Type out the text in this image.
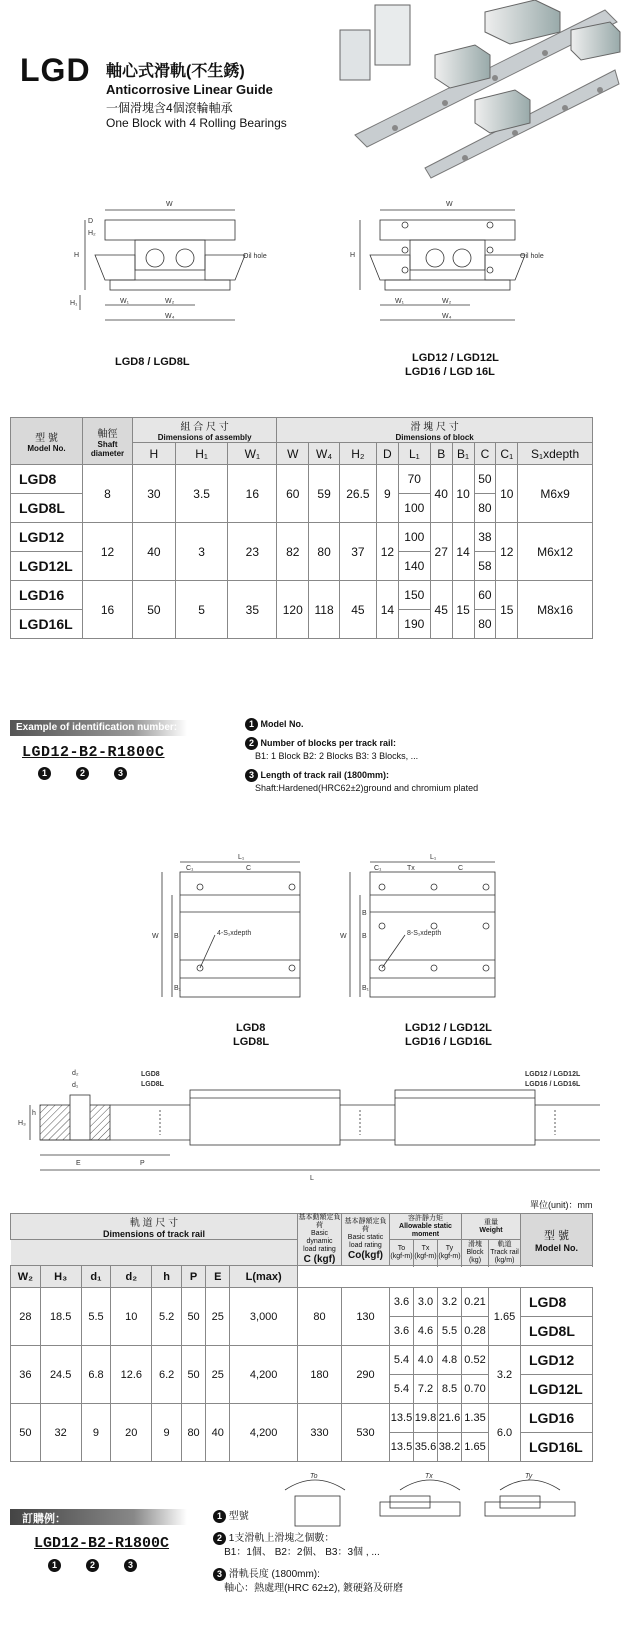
LGD 軸心式滑軌(不生銹)
Anticorrosive Linear Guide
一個滑塊含4個滾輪軸承
One Block with 4 Rolling Bearings
W
Oil hole	Oil hole
W
H	H
H₁	W₁	W₂
W₄
W₁	W₂
W₄
H₂
D
LGD8 / LGD8L	LGD12 / LGD12L
LGD16 / LGD 16L
型 號
Model No.	軸徑
Shaft
diameter	組 合 尺 寸
Dimensions of assembly			滑 塊 尺 寸
Dimensions of block									

		H	H₁	W₁	W	W₄	H₂	D	L₁	B	B₁	C	C₁	S₁xdepth
LGD8	8	30	3.5	16	60	59	26.5	9	70	40	10	50	10	M6x9
LGD8L									100			80		
LGD12	12	40	3	23	82	80	37	12	100	27	14	38	12	M6x12
LGD12L									140			58		
LGD16	16	50	5	35	120	118	45	14	150	45	15	60	15	M8x16
LGD16L									190			80		
Example of identification number:
LGD12-B2-R1800C
1	2	3
1 Model No.
2 Number of blocks per track rail:
B1: 1 Block B2: 2 Blocks B3: 3 Blocks, ...
3 Length of track rail (1800mm):
Shaft:Hardened(HRC62±2)ground and chromium plated
L₁	L₁
C₁	C	C₁	Tx	C
4-S₁xdepth	8-S₁xdepth
W	W
B	B
B
B₁	B₁
LGD8
LGD8L
LGD12 / LGD12L
LGD16 / LGD16L
d₂
d₁
h
H₃
E	P
L
LGD8
LGD8L
LGD12 / LGD12L
LGD16 / LGD16L
單位(unit)：mm
軌 道 尺 寸
Dimensions of track rail								基本動額定負荷
Basic dynamic
load rating
C (kgf)	基本靜額定負荷
Basic static
load rating
Co(kgf)	容許靜力矩
Allowable static moment			重量
Weight		型 號
Model No.

										To
(kgf-m)	Tx
(kgf-m)	Ty
(kgf-m)	滑塊
Block
(kg)	軌道
Track rail
(kg/m)	

W₂	H₃	d₁	d₂	h	P	E	L(max)							
28	18.5	5.5	10	5.2	50	25	3,000	80	130	3.6	3.0	3.2	0.21	1.65	LGD8
										3.6	4.6	5.5	0.28		LGD8L
36	24.5	6.8	12.6	6.2	50	25	4,200	180	290	5.4	4.0	4.8	0.52	3.2	LGD12
										5.4	7.2	8.5	0.70		LGD12L
50	32	9	20	9	80	40	4,200	330	530	13.5	19.8	21.6	1.35	6.0	LGD16
										13.5	35.6	38.2	1.65		LGD16L
To	Tx	Ty
訂購例：
LGD12-B2-R1800C
1	2	3
1 型號
2 1支滑軌上滑塊之個數：
B1：1個、 B2：2個、 B3：3個 , ...
3 滑軌長度 (1800mm):
軸心：熱處理(HRC 62±2), 鍍硬鉻及研磨
